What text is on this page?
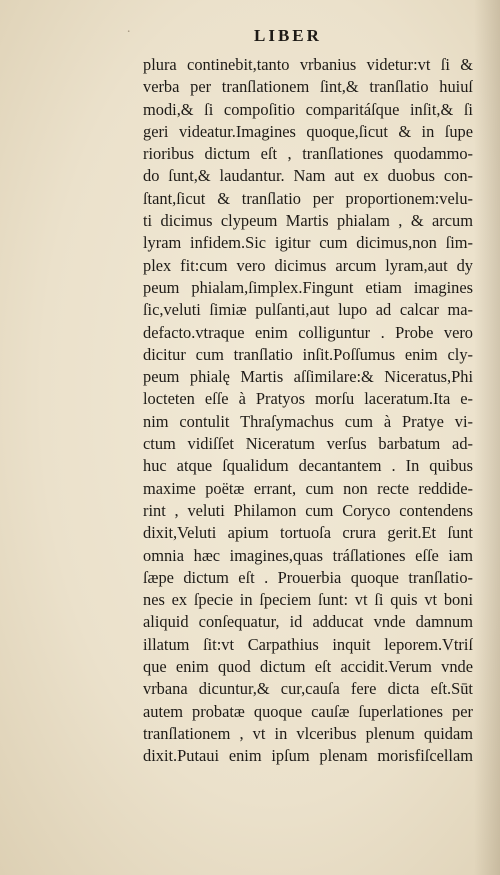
˙	LIBER
plura continebit,tanto vrbanius videtur:vt ſi &
verba per tranſlationem ſint,& tranſlatio huiuſ
modi,& ſi compoſitio comparitáſque inſit,& ſi
geri videatur.Imagines quoque,ſicut & in ſupe
rioribus dictum eſt , tranſlationes quodammo-
do ſunt,& laudantur. Nam aut ex duobus con-
ſtant,ſicut & tranſlatio per proportionem:velu-
ti dicimus clypeum Martis phialam , & arcum
lyram infidem.Sic igitur cum dicimus,non ſim-
plex fit:cum vero dicimus arcum lyram,aut dy
peum phialam,ſimplex.Fingunt etiam imagines
ſic,veluti ſimiæ pulſanti,aut lupo ad calcar ma-
defacto.vtraque enim colliguntur . Probe vero
dicitur cum tranſlatio inſit.Poſſumus enim cly-
peum phialę Martis aſſimilare:& Niceratus,Phi
locteten eſſe à Pratyos morſu laceratum.Ita e-
nim contulit Thraſymachus cum à Pratye vi-
ctum vidiſſet Niceratum verſus barbatum ad-
huc atque ſqualidum decantantem . In quibus
maxime poëtæ errant, cum non recte reddide-
rint , veluti Philamon cum Coryco contendens
dixit,Veluti apium tortuoſa crura gerit.Et ſunt
omnia hæc imagines,quas tráſlationes eſſe iam
ſæpe dictum eſt . Prouerbia quoque tranſlatio-
nes ex ſpecie in ſpeciem ſunt: vt ſi quis vt boni
aliquid conſequatur, id adducat vnde damnum
illatum ſit:vt Carpathius inquit leporem.Vtriſ
que enim quod dictum eſt accidit.Verum vnde
vrbana dicuntur,& cur,cauſa fere dicta eſt.Sūt
autem probatæ quoque cauſæ ſuperlationes per
tranſlationem , vt in vlceribus plenum quidam
dixit.Putaui enim ipſum plenam morisfiſcellam
